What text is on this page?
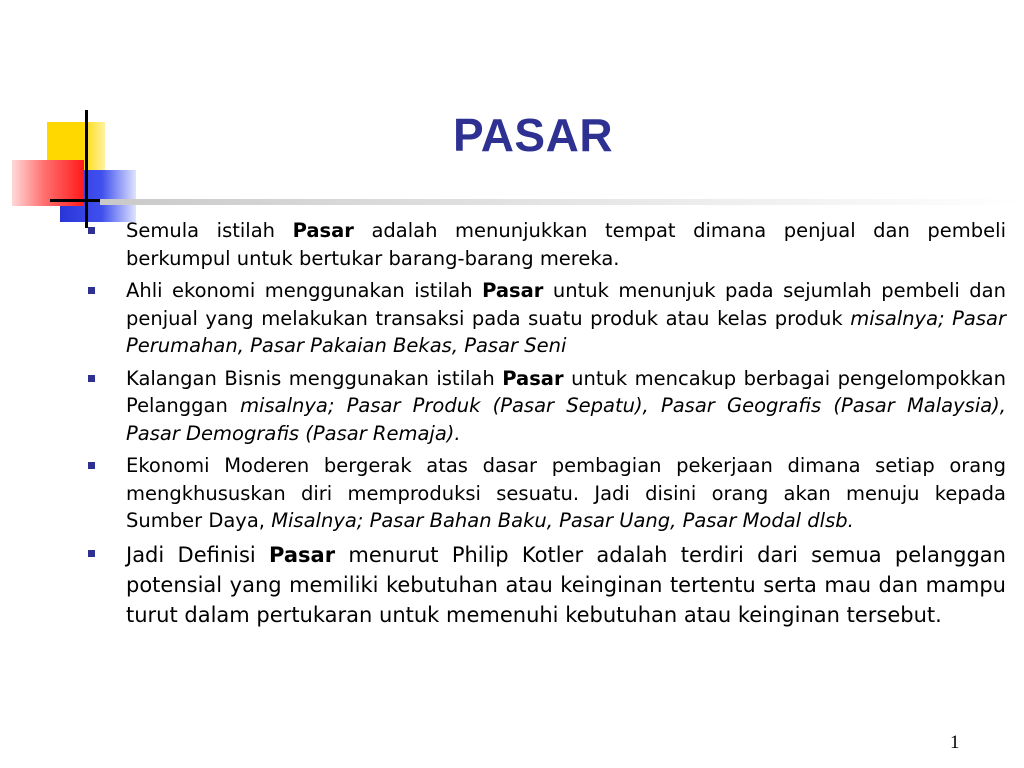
PASAR
Semula istilah Pasar adalah menunjukkan tempat dimana penjual dan pembeli berkumpul untuk bertukar barang-barang mereka.
Ahli ekonomi menggunakan istilah Pasar untuk menunjuk pada sejumlah pembeli dan penjual yang melakukan transaksi pada suatu produk atau kelas produk misalnya; Pasar Perumahan, Pasar Pakaian Bekas, Pasar Seni
Kalangan Bisnis menggunakan istilah Pasar untuk mencakup berbagai pengelompokkan Pelanggan misalnya; Pasar Produk (Pasar Sepatu), Pasar Geografis (Pasar Malaysia), Pasar Demografis (Pasar Remaja).
Ekonomi Moderen bergerak atas dasar pembagian pekerjaan dimana setiap orang mengkhususkan diri memproduksi sesuatu. Jadi disini orang akan menuju kepada Sumber Daya, Misalnya; Pasar Bahan Baku, Pasar Uang, Pasar Modal dlsb.
Jadi Definisi Pasar menurut Philip Kotler adalah terdiri dari semua pelanggan potensial yang memiliki kebutuhan atau keinginan tertentu serta mau dan mampu turut dalam pertukaran untuk memenuhi kebutuhan atau keinginan tersebut.
1
